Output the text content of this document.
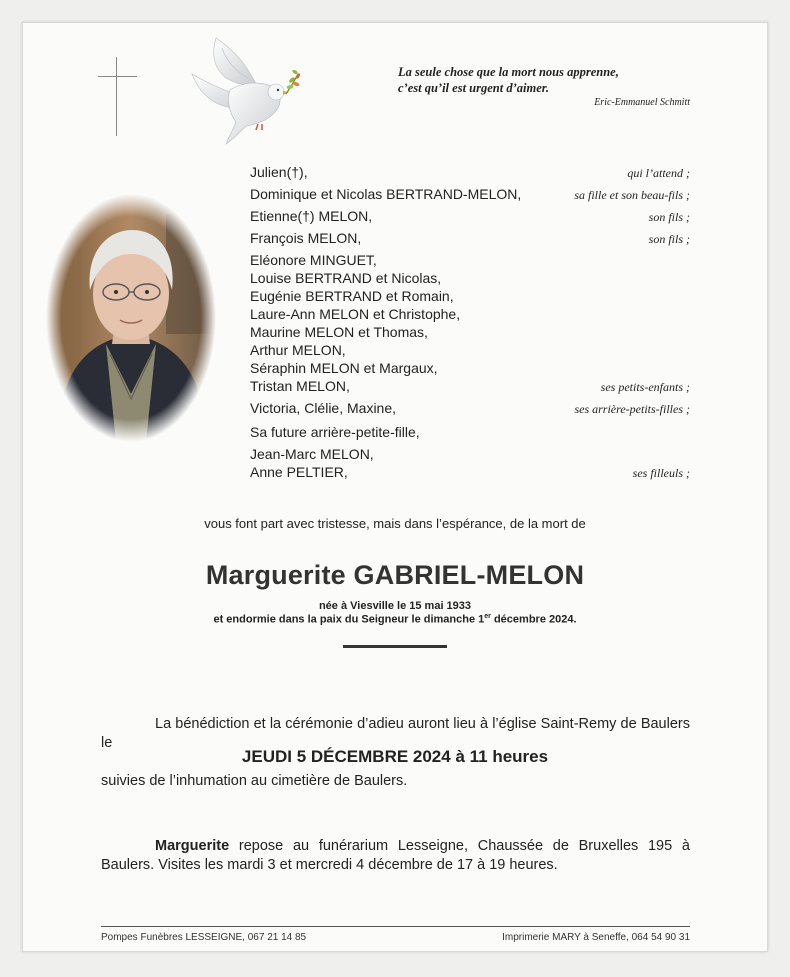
La seule chose que la mort nous apprenne,
c’est qu’il est urgent d’aimer.
Eric-Emmanuel Schmitt
Julien(†),	qui l’attend ;
Dominique et Nicolas BERTRAND-MELON,	sa fille et son beau-fils ;
Etienne(†) MELON,	son fils ;
François MELON,	son fils ;
Eléonore MINGUET,
Louise BERTRAND et Nicolas,
Eugénie BERTRAND et Romain,
Laure-Ann MELON et Christophe,
Maurine MELON et Thomas,
Arthur MELON,
Séraphin MELON et Margaux,
Tristan MELON,	ses petits-enfants ;
Victoria, Clélie, Maxine,	ses arrière-petits-filles ;
Sa future arrière-petite-fille,
Jean-Marc MELON,
Anne PELTIER,	ses filleuls ;
vous font part avec tristesse, mais dans l’espérance, de la mort de
Marguerite GABRIEL-MELON
née à Viesville le 15 mai 1933
et endormie dans la paix du Seigneur le dimanche 1er décembre 2024.
La bénédiction et la cérémonie d’adieu auront lieu à l’église Saint-Remy de Baulers le
JEUDI 5 DÉCEMBRE 2024 à 11 heures
suivies de l’inhumation au cimetière de Baulers.
Marguerite repose au funérarium Lesseigne, Chaussée de Bruxelles 195 à Baulers. Visites les mardi 3 et mercredi 4 décembre de 17 à 19 heures.
Pompes Funèbres LESSEIGNE, 067 21 14 85	Imprimerie MARY à Seneffe, 064 54 90 31
